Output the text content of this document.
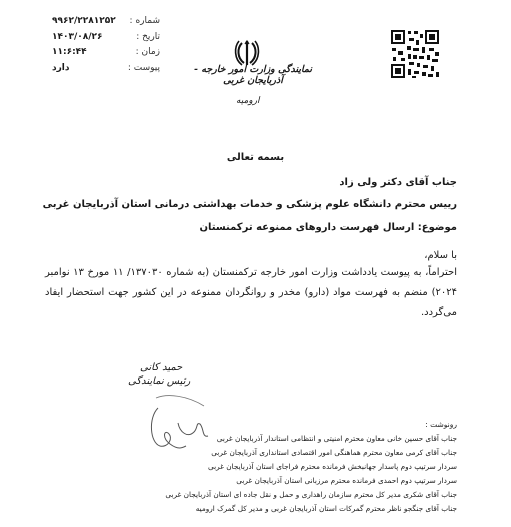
شماره :
۹۹۶۲/۲۲۸۱۲۵۲
تاریخ :
۱۴۰۳/۰۸/۲۶
زمان :
۱۱:۶:۴۴
پیوست :
دارد	نمایندگی وزارت امور خارجه - آذربایجان غربی
ارومیه
بسمه تعالی
جناب آقای دکتر ولی زاد
رییس محترم دانشگاه علوم پزشکی و خدمات بهداشتی درمانی استان آذربایجان غربی
موضوع: ارسال فهرست داروهای ممنوعه ترکمنستان
با سلام،
احتراماً، به پیوست یادداشت وزارت امور خارجه ترکمنستان (به شماره ۱۳۷۰۳۰/ ۱۱ مورخ ۱۳ نوامبر ۲۰۲۴) منضم به فهرست مواد (دارو) مخدر و روانگردان ممنوعه در این کشور جهت استحضار ایفاد می‌گردد.
حمید کانی
رئیس نمایندگی
رونوشت :
جناب آقای حسین خانی معاون محترم امنیتی و انتظامی استاندار آذربایجان غربی
جناب آقای کرمی معاون محترم هماهنگی امور اقتصادی استانداری آذربایجان غربی
سردار سرتیپ دوم پاسدار جهانبخش فرمانده محترم فراجای استان آذربایجان غربی
سردار سرتیپ دوم احمدی فرمانده محترم مرزبانی استان آذربایجان غربی
جناب آقای شکری مدیر کل محترم سازمان راهداری و حمل و نقل جاده ای استان آذربایجان غربی
جناب آقای جنگجو ناظر محترم گمرکات استان آذربایجان غربی و مدیر کل گمرک ارومیه
